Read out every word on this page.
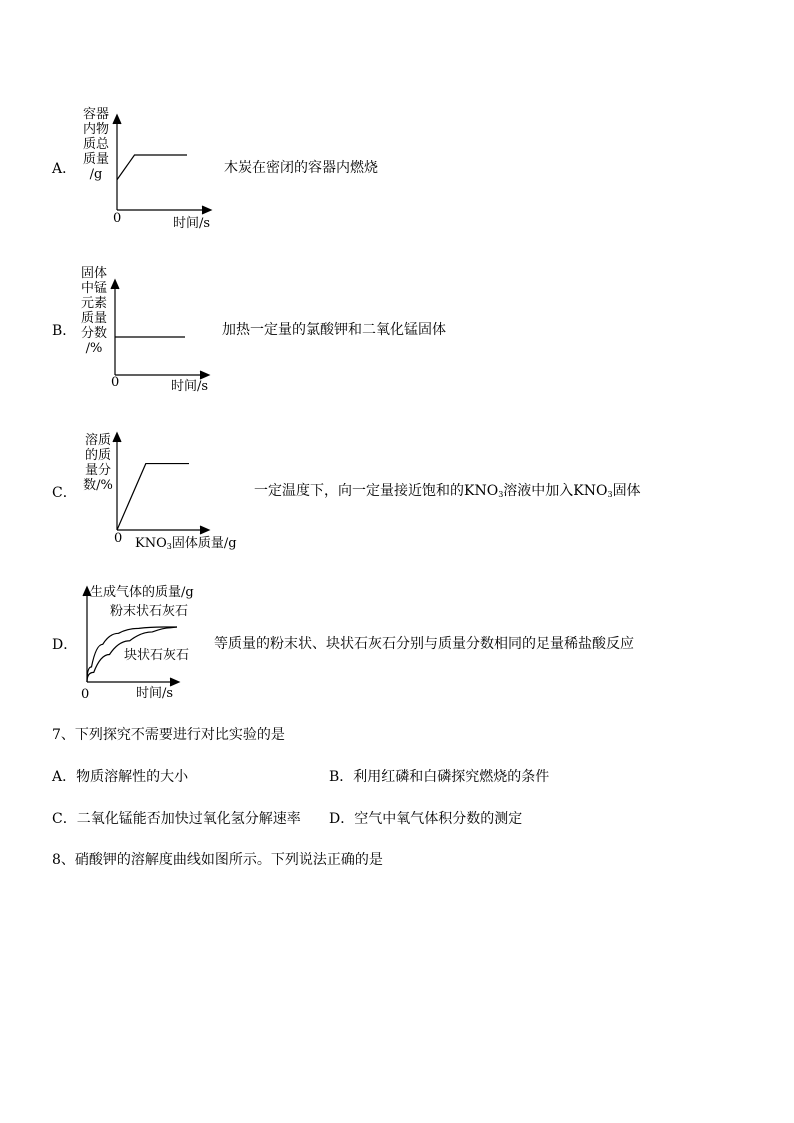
A．
容器
内物
质总
质量
/g
0	时间/s
木炭在密闭的容器内燃烧
B．
固体
中锰
元素
质量
分数
/%
0	时间/s
加热一定量的氯酸钾和二氧化锰固体
C．
溶质
的质
量分
数/%
0 $KNO_3$固体质量/g
一定温度下，向一定量接近饱和的$KNO_3$溶液中加入$KNO_3$固体
D．
生成气体的质量/g
粉末状石灰石
块状石灰石
0	时间/s
等质量的粉末状、块状石灰石分别与质量分数相同的足量稀盐酸反应
7、下列探究不需要进行对比实验的是
A．物质溶解性的大小	B．利用红磷和白磷探究燃烧的条件
C．二氧化锰能否加快过氧化氢分解速率 D．空气中氧气体积分数的测定
8、硝酸钾的溶解度曲线如图所示。下列说法正确的是
